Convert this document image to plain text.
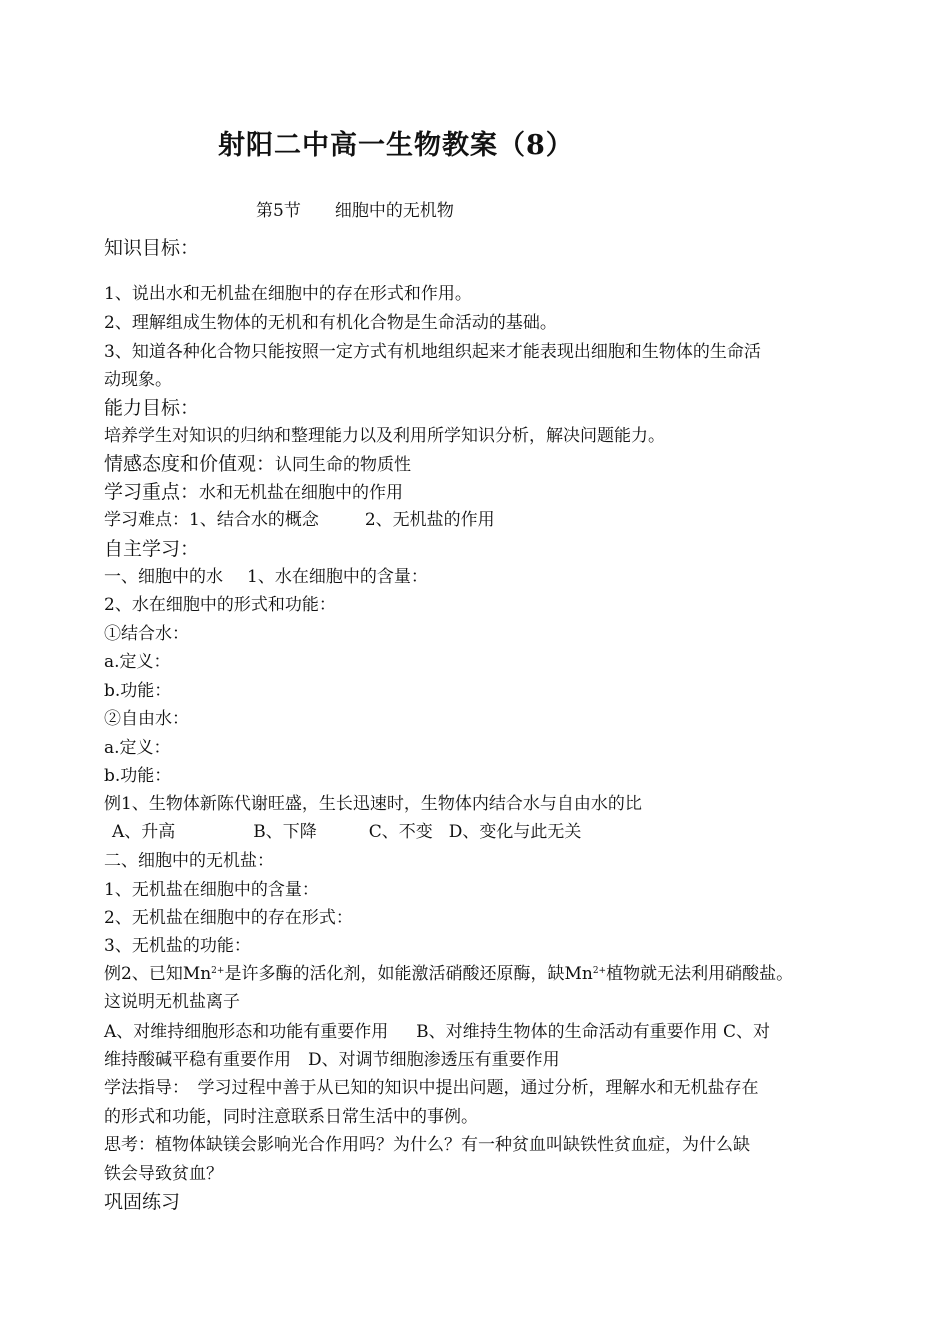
射阳二中高一生物教案（8）
第5节 细胞中的无机物
知识目标：
1、说出水和无机盐在细胞中的存在形式和作用。
2、理解组成生物体的无机和有机化合物是生命活动的基础。
3、知道各种化合物只能按照一定方式有机地组织起来才能表现出细胞和生物体的生命活
动现象。
能力目标：
培养学生对知识的归纳和整理能力以及利用所学知识分析，解决问题能力。
情感态度和价值观：认同生命的物质性
学习重点：水和无机盐在细胞中的作用
学习难点：1、结合水的概念	2、无机盐的作用
自主学习：
一、细胞中的水 1、水在细胞中的含量：
2、水在细胞中的形式和功能：
①结合水：
a.定义：
b.功能：
②自由水：
a.定义：
b.功能：
例1、生物体新陈代谢旺盛，生长迅速时，生物体内结合水与自由水的比
A、升高	B、下降	C、不变 D、变化与此无关
二、细胞中的无机盐：
1、无机盐在细胞中的含量：
2、无机盐在细胞中的存在形式：
3、无机盐的功能：
例2、已知$Mn^{2+}$是许多酶的活化剂，如能激活硝酸还原酶，缺$Mn^{2+}$植物就无法利用硝酸盐。
这说明无机盐离子
A、对维持细胞形态和功能有重要作用 　 B、对维持生物体的生命活动有重要作用 C、对
维持酸碱平稳有重要作用　D、对调节细胞渗透压有重要作用
学法指导：　学习过程中善于从已知的知识中提出问题，通过分析，理解水和无机盐存在
的形式和功能，同时注意联系日常生活中的事例。
思考：植物体缺镁会影响光合作用吗？为什么？有一种贫血叫缺铁性贫血症，为什么缺
铁会导致贫血？
巩固练习
